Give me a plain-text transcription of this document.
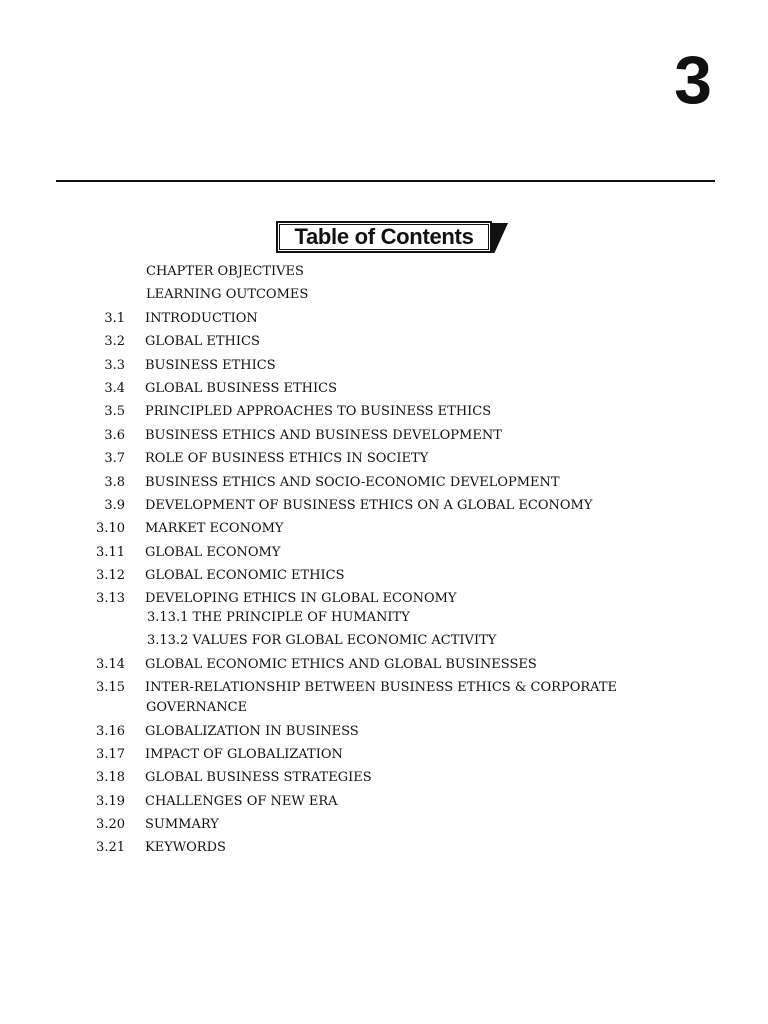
3
Table of Contents
CHAPTER OBJECTIVES
LEARNING OUTCOMES
3.1 INTRODUCTION
3.2 GLOBAL ETHICS
3.3 BUSINESS ETHICS
3.4 GLOBAL BUSINESS ETHICS
3.5 PRINCIPLED APPROACHES TO BUSINESS ETHICS
3.6 BUSINESS ETHICS AND BUSINESS DEVELOPMENT
3.7 ROLE OF BUSINESS ETHICS IN SOCIETY
3.8 BUSINESS ETHICS AND SOCIO-ECONOMIC DEVELOPMENT
3.9 DEVELOPMENT OF BUSINESS ETHICS ON A GLOBAL ECONOMY
3.10 MARKET ECONOMY
3.11 GLOBAL ECONOMY
3.12 GLOBAL ECONOMIC ETHICS
3.13 DEVELOPING ETHICS IN GLOBAL ECONOMY
3.13.1 THE PRINCIPLE OF HUMANITY
3.13.2 VALUES FOR GLOBAL ECONOMIC ACTIVITY
3.14 GLOBAL ECONOMIC ETHICS AND GLOBAL BUSINESSES
3.15 INTER-RELATIONSHIP BETWEEN BUSINESS ETHICS & CORPORATE
GOVERNANCE
3.16 GLOBALIZATION IN BUSINESS
3.17 IMPACT OF GLOBALIZATION
3.18 GLOBAL BUSINESS STRATEGIES
3.19 CHALLENGES OF NEW ERA
3.20 SUMMARY
3.21 KEYWORDS
